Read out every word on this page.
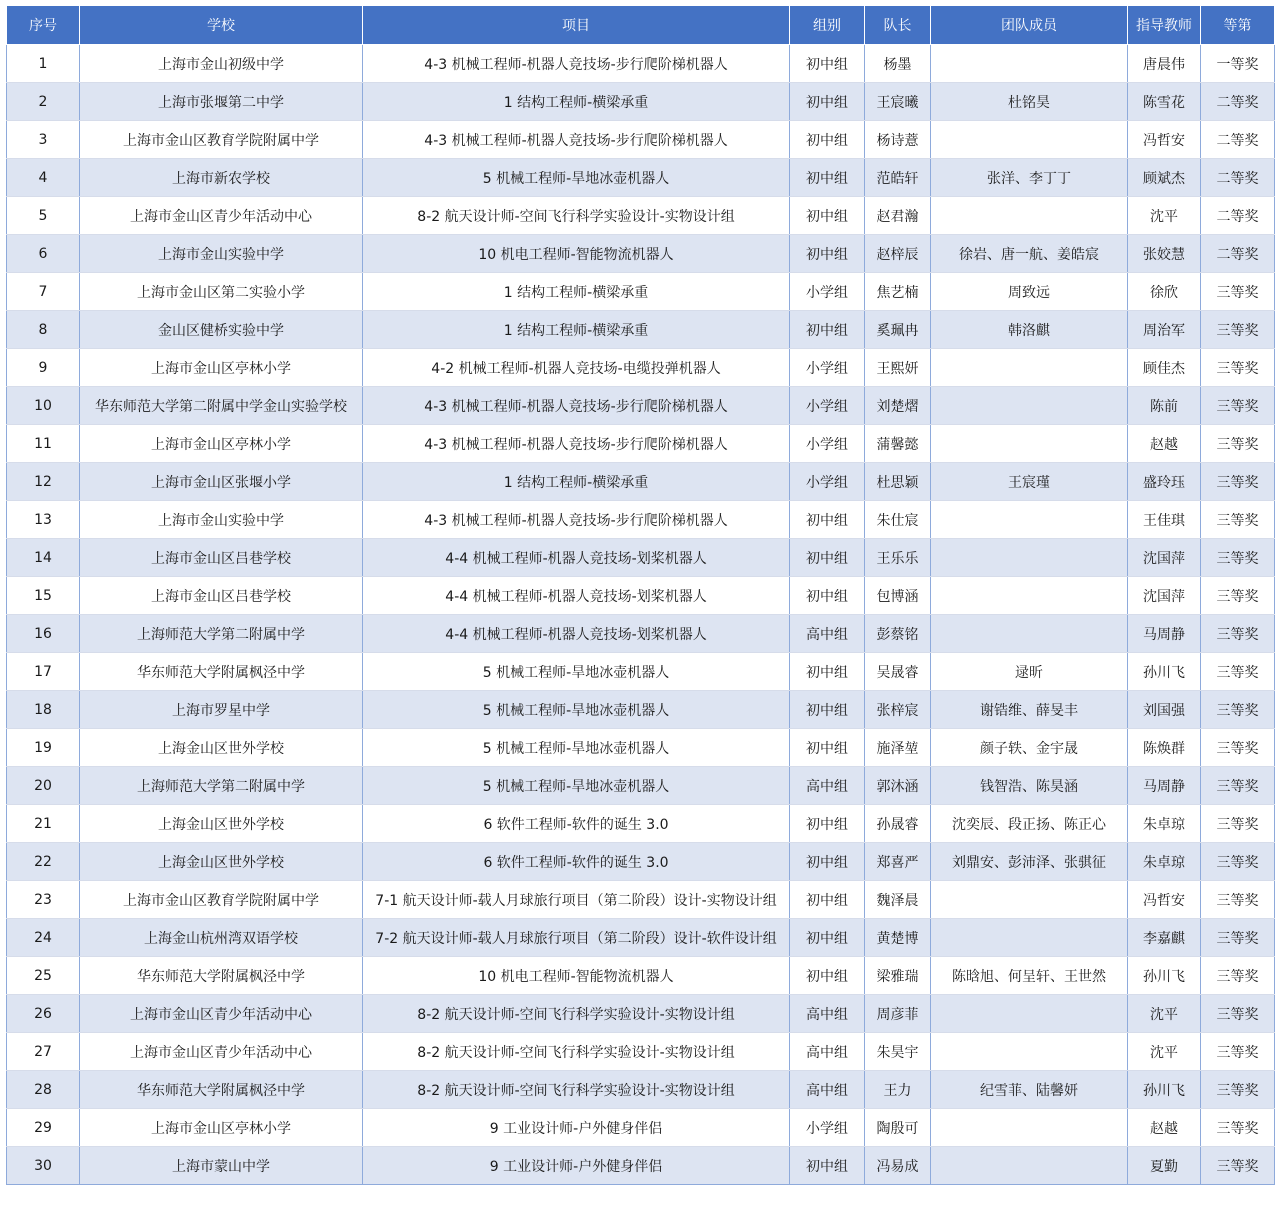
序号	学校	项目	组别	队长	团队成员	指导教师	等第
1	上海市金山初级中学	4-3 机械工程师-机器人竞技场-步行爬阶梯机器人	初中组	杨墨		唐晨伟	一等奖
2	上海市张堰第二中学	1 结构工程师-横梁承重	初中组	王宸曦	杜铭昊	陈雪花	二等奖
3	上海市金山区教育学院附属中学	4-3 机械工程师-机器人竞技场-步行爬阶梯机器人	初中组	杨诗薏		冯哲安	二等奖
4	上海市新农学校	5 机械工程师-旱地冰壶机器人	初中组	范皓轩	张洋、李丁丁	顾斌杰	二等奖
5	上海市金山区青少年活动中心	8-2 航天设计师-空间飞行科学实验设计-实物设计组	初中组	赵君瀚		沈平	二等奖
6	上海市金山实验中学	10 机电工程师-智能物流机器人	初中组	赵梓辰	徐岩、唐一航、姜皓宸	张姣慧	二等奖
7	上海市金山区第二实验小学	1 结构工程师-横梁承重	小学组	焦艺楠	周致远	徐欣	三等奖
8	金山区健桥实验中学	1 结构工程师-横梁承重	初中组	奚珮冉	韩洛麒	周治军	三等奖
9	上海市金山区亭林小学	4-2 机械工程师-机器人竞技场-电缆投弹机器人	小学组	王熙妍		顾佳杰	三等奖
10	华东师范大学第二附属中学金山实验学校	4-3 机械工程师-机器人竞技场-步行爬阶梯机器人	小学组	刘楚熠		陈前	三等奖
11	上海市金山区亭林小学	4-3 机械工程师-机器人竞技场-步行爬阶梯机器人	小学组	蒲馨懿		赵越	三等奖
12	上海市金山区张堰小学	1 结构工程师-横梁承重	小学组	杜思颖	王宸瑾	盛玲珏	三等奖
13	上海市金山实验中学	4-3 机械工程师-机器人竞技场-步行爬阶梯机器人	初中组	朱仕宸		王佳琪	三等奖
14	上海市金山区吕巷学校	4-4 机械工程师-机器人竞技场-划桨机器人	初中组	王乐乐		沈国萍	三等奖
15	上海市金山区吕巷学校	4-4 机械工程师-机器人竞技场-划桨机器人	初中组	包博涵		沈国萍	三等奖
16	上海师范大学第二附属中学	4-4 机械工程师-机器人竞技场-划桨机器人	高中组	彭蔡铭		马周静	三等奖
17	华东师范大学附属枫泾中学	5 机械工程师-旱地冰壶机器人	初中组	吴晟睿	逯昕	孙川飞	三等奖
18	上海市罗星中学	5 机械工程师-旱地冰壶机器人	初中组	张梓宸	谢锆维、薛旻丰	刘国强	三等奖
19	上海金山区世外学校	5 机械工程师-旱地冰壶机器人	初中组	施泽堃	颜子轶、金宇晟	陈焕群	三等奖
20	上海师范大学第二附属中学	5 机械工程师-旱地冰壶机器人	高中组	郭沐涵	钱智浩、陈昊涵	马周静	三等奖
21	上海金山区世外学校	6 软件工程师-软件的诞生 3.0	初中组	孙晟睿	沈奕辰、段正扬、陈正心	朱卓琼	三等奖
22	上海金山区世外学校	6 软件工程师-软件的诞生 3.0	初中组	郑喜严	刘鼎安、彭沛泽、张骐征	朱卓琼	三等奖
23	上海市金山区教育学院附属中学	7-1 航天设计师-载人月球旅行项目（第二阶段）设计-实物设计组	初中组	魏泽晨		冯哲安	三等奖
24	上海金山杭州湾双语学校	7-2 航天设计师-载人月球旅行项目（第二阶段）设计-软件设计组	初中组	黄楚博		李嘉麒	三等奖
25	华东师范大学附属枫泾中学	10 机电工程师-智能物流机器人	初中组	梁雅瑞	陈晗旭、何呈轩、王世然	孙川飞	三等奖
26	上海市金山区青少年活动中心	8-2 航天设计师-空间飞行科学实验设计-实物设计组	高中组	周彦菲		沈平	三等奖
27	上海市金山区青少年活动中心	8-2 航天设计师-空间飞行科学实验设计-实物设计组	高中组	朱昊宇		沈平	三等奖
28	华东师范大学附属枫泾中学	8-2 航天设计师-空间飞行科学实验设计-实物设计组	高中组	王力	纪雪菲、陆馨妍	孙川飞	三等奖
29	上海市金山区亭林小学	9 工业设计师-户外健身伴侣	小学组	陶殷可		赵越	三等奖
30	上海市蒙山中学	9 工业设计师-户外健身伴侣	初中组	冯易成		夏勤	三等奖
